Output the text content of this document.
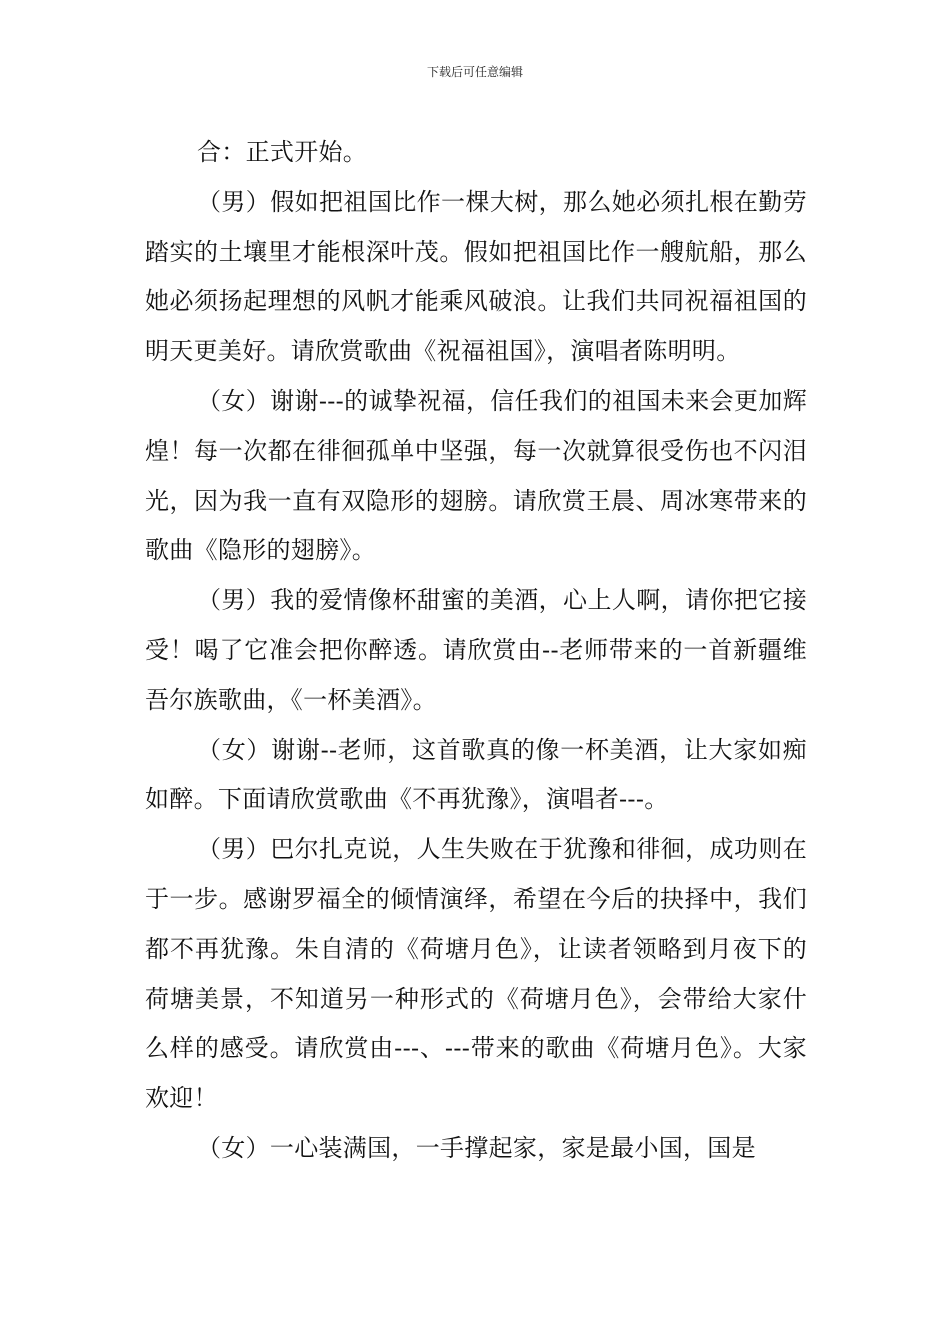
下载后可任意编辑

合：正式开始。

（男）假如把祖国比作一棵大树，那么她必须扎根在勤劳踏实的土壤里才能根深叶茂。假如把祖国比作一艘航船，那么她必须扬起理想的风帆才能乘风破浪。让我们共同祝福祖国的明天更美好。请欣赏歌曲《祝福祖国》，演唱者陈明明。

（女）谢谢---的诚挚祝福，信任我们的祖国未来会更加辉煌！每一次都在徘徊孤单中坚强，每一次就算很受伤也不闪泪光，因为我一直有双隐形的翅膀。请欣赏王晨、周冰寒带来的歌曲《隐形的翅膀》。

（男）我的爱情像杯甜蜜的美酒，心上人啊，请你把它接受！喝了它准会把你醉透。请欣赏由--老师带来的一首新疆维吾尔族歌曲，《一杯美酒》。

（女）谢谢--老师，这首歌真的像一杯美酒，让大家如痴如醉。下面请欣赏歌曲《不再犹豫》，演唱者---。

（男）巴尔扎克说，人生失败在于犹豫和徘徊，成功则在于一步。感谢罗福全的倾情演绎，希望在今后的抉择中，我们都不再犹豫。朱自清的《荷塘月色》，让读者领略到月夜下的荷塘美景，不知道另一种形式的《荷塘月色》，会带给大家什么样的感受。请欣赏由---、---带来的歌曲《荷塘月色》。大家欢迎！

（女）一心装满国，一手撑起家，家是最小国，国是
